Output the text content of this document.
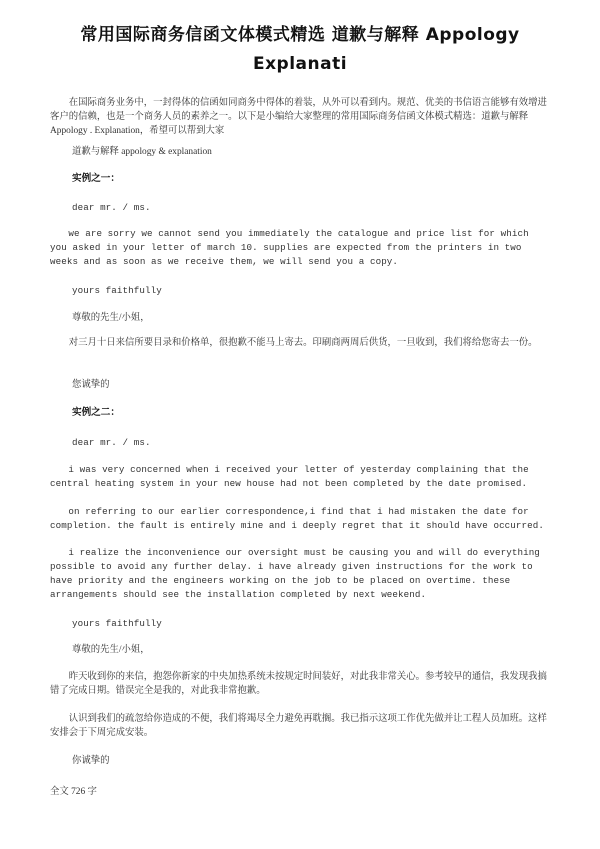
常用国际商务信函文体模式精选 道歉与解释 Appology
Explanati

在国际商务业务中，一封得体的信函如同商务中得体的着装，从外可以看到内。规范、优美的书信语言能够有效增进客户的信赖，也是一个商务人员的素养之一。以下是小编给大家整理的常用国际商务信函文体模式精选：道歉与解释 Appology . Explanation，希望可以帮到大家

道歉与解释 appology & explanation

实例之一：

dear mr. / ms.

we are sorry we cannot send you immediately the catalogue and price list for which you asked in your letter of march 10. supplies are expected from the printers in two weeks and as soon as we receive them, we will send you a copy.

yours faithfully

尊敬的先生/小姐，

对三月十日来信所要目录和价格单，很抱歉不能马上寄去。印刷商两周后供货，一旦收到，我们将给您寄去一份。

您诚挚的

实例之二：

dear mr. / ms.

i was very concerned when i received your letter of yesterday complaining that the central heating system in your new house had not been completed by the date promised.

on referring to our earlier correspondence,i find that i had mistaken the date for completion. the fault is entirely mine and i deeply regret that it should have occurred.

i realize the inconvenience our oversight must be causing you and will do everything possible to avoid any further delay. i have already given instructions for the work to have priority and the engineers working on the job to be placed on overtime. these arrangements should see the installation completed by next weekend.

yours faithfully

尊敬的先生/小姐，

昨天收到你的来信，抱怨你新家的中央加热系统未按规定时间装好，对此我非常关心。参考较早的通信，我发现我搞错了完成日期。错误完全是我的，对此我非常抱歉。

认识到我们的疏忽给你造成的不便，我们将竭尽全力避免再耽搁。我已指示这项工作优先做并让工程人员加班。这样安排会于下周完成安装。

你诚挚的

全文 726 字
